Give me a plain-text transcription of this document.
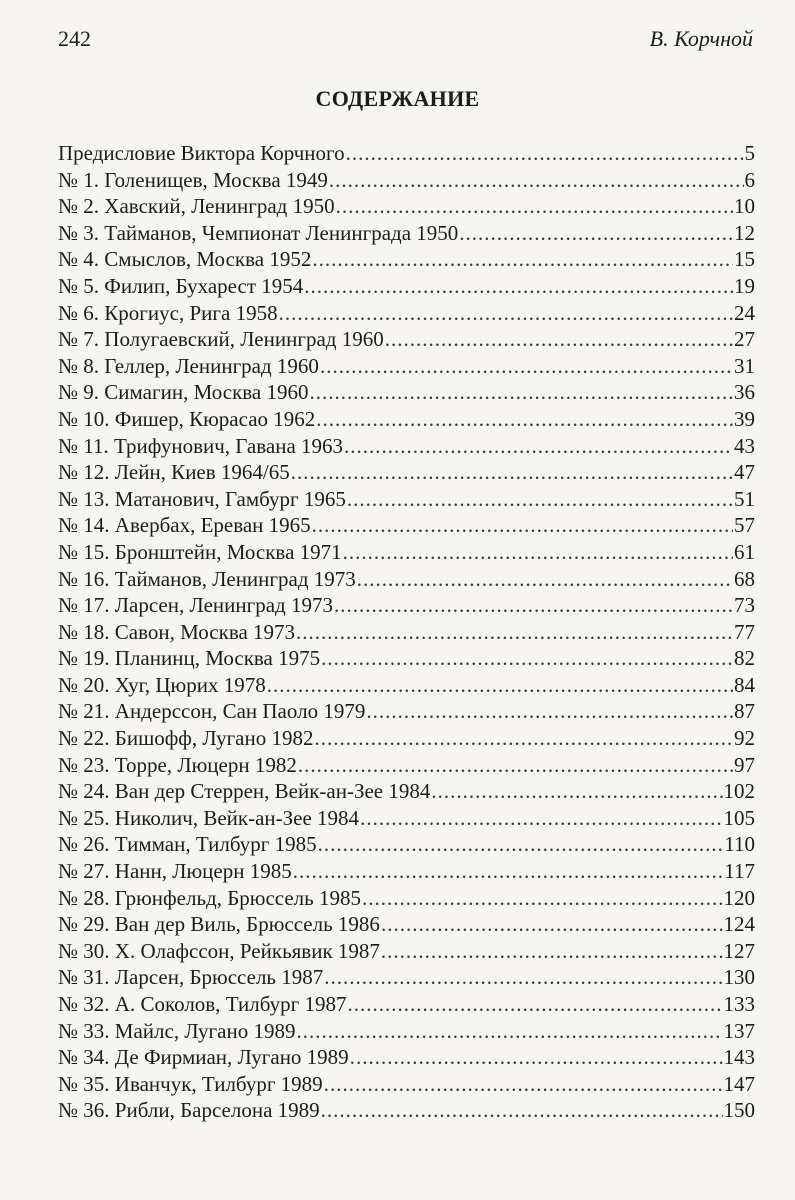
242	В. Корчной
СОДЕРЖАНИЕ
Предисловие Виктора Корчного .....	5
№ 1. Голенищев, Москва 1949 .....	6
№ 2. Хавский, Ленинград 1950 .....	10
№ 3. Тайманов, Чемпионат Ленинграда 1950 .....	12
№ 4. Смыслов, Москва 1952 .....	15
№ 5. Филип, Бухарест 1954 .....	19
№ 6. Крогиус, Рига 1958 .....	24
№ 7. Полугаевский, Ленинград 1960 .....	27
№ 8. Геллер, Ленинград 1960 .....	31
№ 9. Симагин, Москва 1960 .....	36
№ 10. Фишер, Кюрасао 1962 .....	39
№ 11. Трифунович, Гавана 1963 .....	43
№ 12. Лейн, Киев 1964/65 .....	47
№ 13. Матанович, Гамбург 1965 .....	51
№ 14. Авербах, Ереван 1965 .....	57
№ 15. Бронштейн, Москва 1971 .....	61
№ 16. Тайманов, Ленинград 1973 .....	68
№ 17. Ларсен, Ленинград 1973 .....	73
№ 18. Савон, Москва 1973 .....	77
№ 19. Планинц, Москва 1975 .....	82
№ 20. Хуг, Цюрих 1978 .....	84
№ 21. Андерссон, Сан Паоло 1979 .....	87
№ 22. Бишофф, Лугано 1982 .....	92
№ 23. Торре, Люцерн 1982 .....	97
№ 24. Ван дер Стеррен, Вейк-ан-Зее 1984 .....	102
№ 25. Николич, Вейк-ан-Зее 1984 .....	105
№ 26. Тимман, Тилбург 1985 .....	110
№ 27. Нанн, Люцерн 1985 .....	117
№ 28. Грюнфельд, Брюссель 1985 .....	120
№ 29. Ван дер Виль, Брюссель 1986 .....	124
№ 30. Х. Олафссон, Рейкьявик 1987 .....	127
№ 31. Ларсен, Брюссель 1987 .....	130
№ 32. А. Соколов, Тилбург 1987 .....	133
№ 33. Майлс, Лугано 1989 .....	137
№ 34. Де Фирмиан, Лугано 1989 .....	143
№ 35. Иванчук, Тилбург 1989 .....	147
№ 36. Рибли, Барселона 1989 .....	150
